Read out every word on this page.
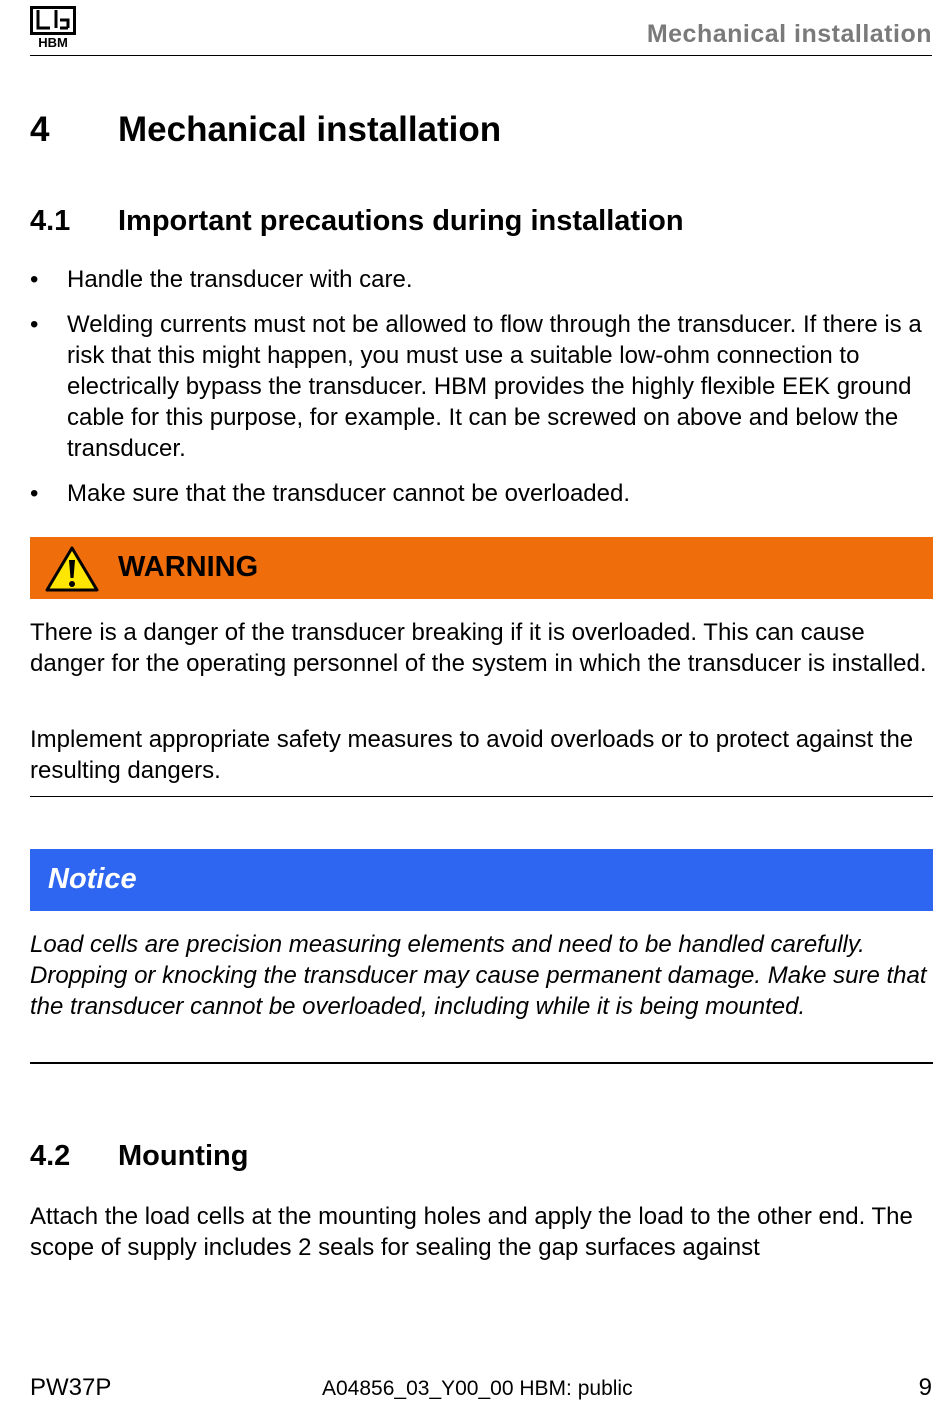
HBM	Mechanical installation
4 Mechanical installation
4.1 Important precautions during installation
• Handle the transducer with care.
• Welding currents must not be allowed to flow through the transducer. If there is a risk that this might happen, you must use a suitable low-ohm connection to electrically bypass the transducer. HBM provides the highly flexible EEK ground cable for this purpose, for example. It can be screwed on above and below the transducer.
• Make sure that the transducer cannot be overloaded.
WARNING

There is a danger of the transducer breaking if it is overloaded. This can cause danger for the operating personnel of the system in which the transducer is installed.

Implement appropriate safety measures to avoid overloads or to protect against the resulting dangers.

Notice

Load cells are precision measuring elements and need to be handled carefully. Dropping or knocking the transducer may cause permanent damage. Make sure that the transducer cannot be overloaded, including while it is being mounted.

4.2 Mounting

Attach the load cells at the mounting holes and apply the load to the other end. The scope of supply includes 2 seals for sealing the gap surfaces against

PW37P	A04856_03_Y00_00 HBM: public	9
